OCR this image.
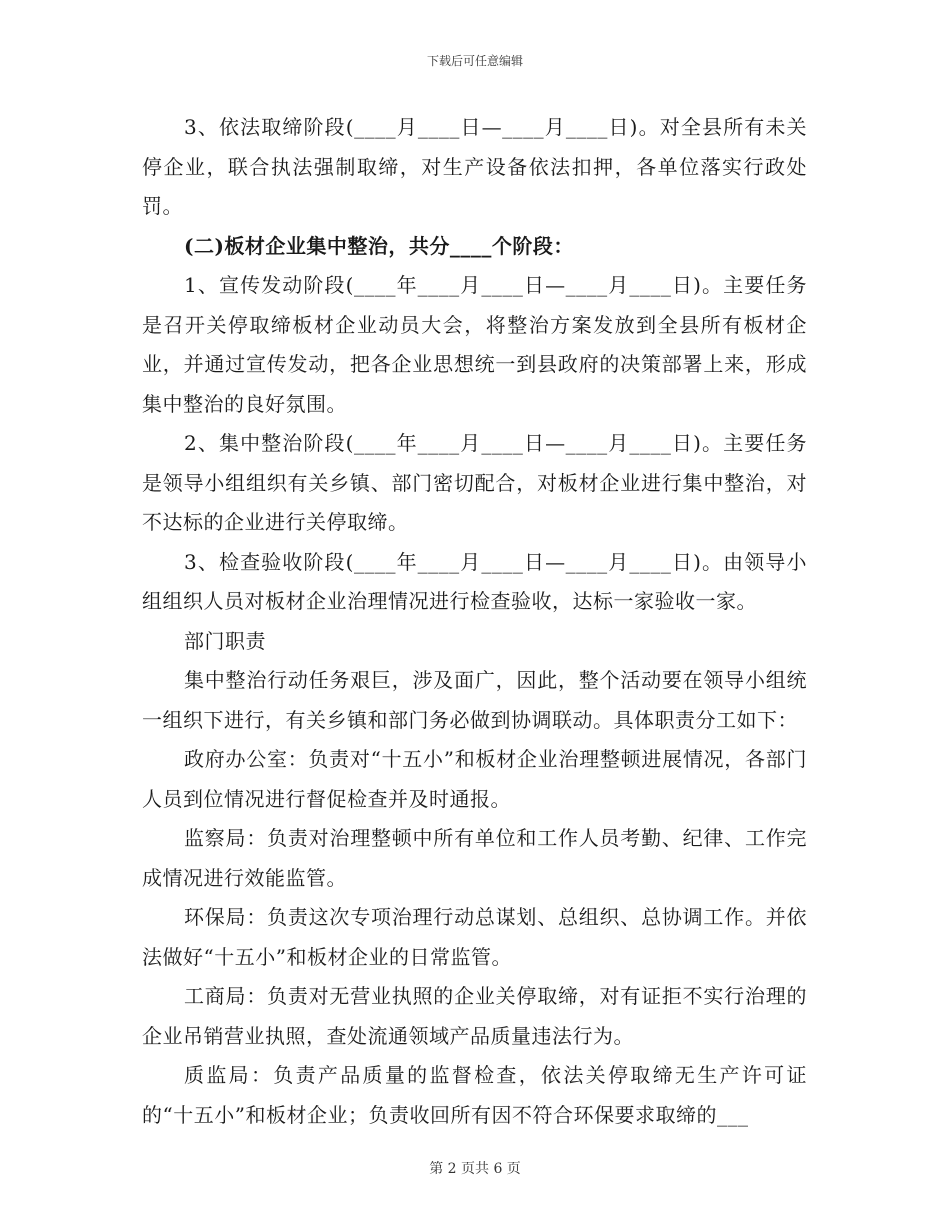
下载后可任意编辑

3、依法取缔阶段(____月____日—____月____日)。对全县所有未关停企业，联合执法强制取缔，对生产设备依法扣押，各单位落实行政处罚。

(二)板材企业集中整治，共分____个阶段：

1、宣传发动阶段(____年____月____日—____月____日)。主要任务是召开关停取缔板材企业动员大会，将整治方案发放到全县所有板材企业，并通过宣传发动，把各企业思想统一到县政府的决策部署上来，形成集中整治的良好氛围。

2、集中整治阶段(____年____月____日—____月____日)。主要任务是领导小组组织有关乡镇、部门密切配合，对板材企业进行集中整治，对不达标的企业进行关停取缔。

3、检查验收阶段(____年____月____日—____月____日)。由领导小组组织人员对板材企业治理情况进行检查验收，达标一家验收一家。

部门职责

集中整治行动任务艰巨，涉及面广，因此，整个活动要在领导小组统一组织下进行，有关乡镇和部门务必做到协调联动。具体职责分工如下：

政府办公室：负责对“十五小”和板材企业治理整顿进展情况，各部门人员到位情况进行督促检查并及时通报。

监察局：负责对治理整顿中所有单位和工作人员考勤、纪律、工作完成情况进行效能监管。

环保局：负责这次专项治理行动总谋划、总组织、总协调工作。并依法做好“十五小”和板材企业的日常监管。

工商局：负责对无营业执照的企业关停取缔，对有证拒不实行治理的企业吊销营业执照，查处流通领域产品质量违法行为。

质监局：负责产品质量的监督检查，依法关停取缔无生产许可证的“十五小”和板材企业；负责收回所有因不符合环保要求取缔的___

第 2 页共 6 页
